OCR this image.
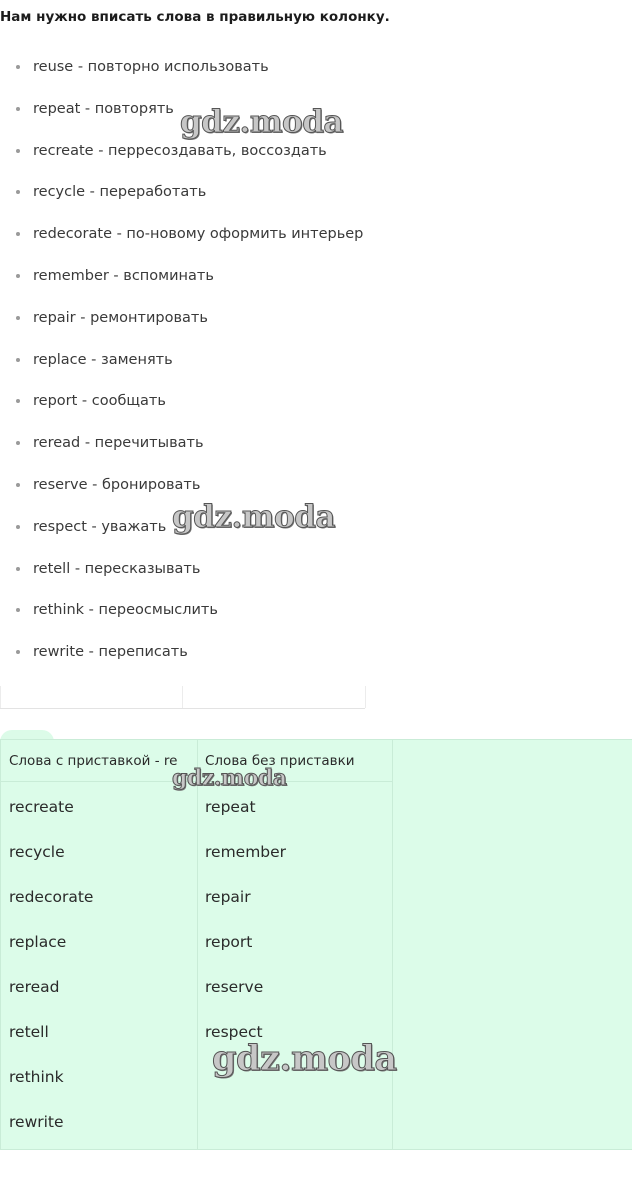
Нам нужно вписать слова в правильную колонку.

reuse - повторно использовать
repeat - повторять
recreate - перресоздавать, воссоздать
recycle - переработать
redecorate - по-новому оформить интерьер
remember - вспоминать
repair - ремонтировать
replace - заменять
report - сообщать
reread - перечитывать
reserve - бронировать
respect - уважать
retell - пересказывать
rethink - переосмыслить
rewrite - переписать
Слова с приставкой - re
recreate
recycle
redecorate
replace
reread
retell
rethink
rewrite
Слова без приставки
repeat
remember
repair
report
reserve
respect
gdz.moda
gdz.moda
gdz.moda
gdz.moda
